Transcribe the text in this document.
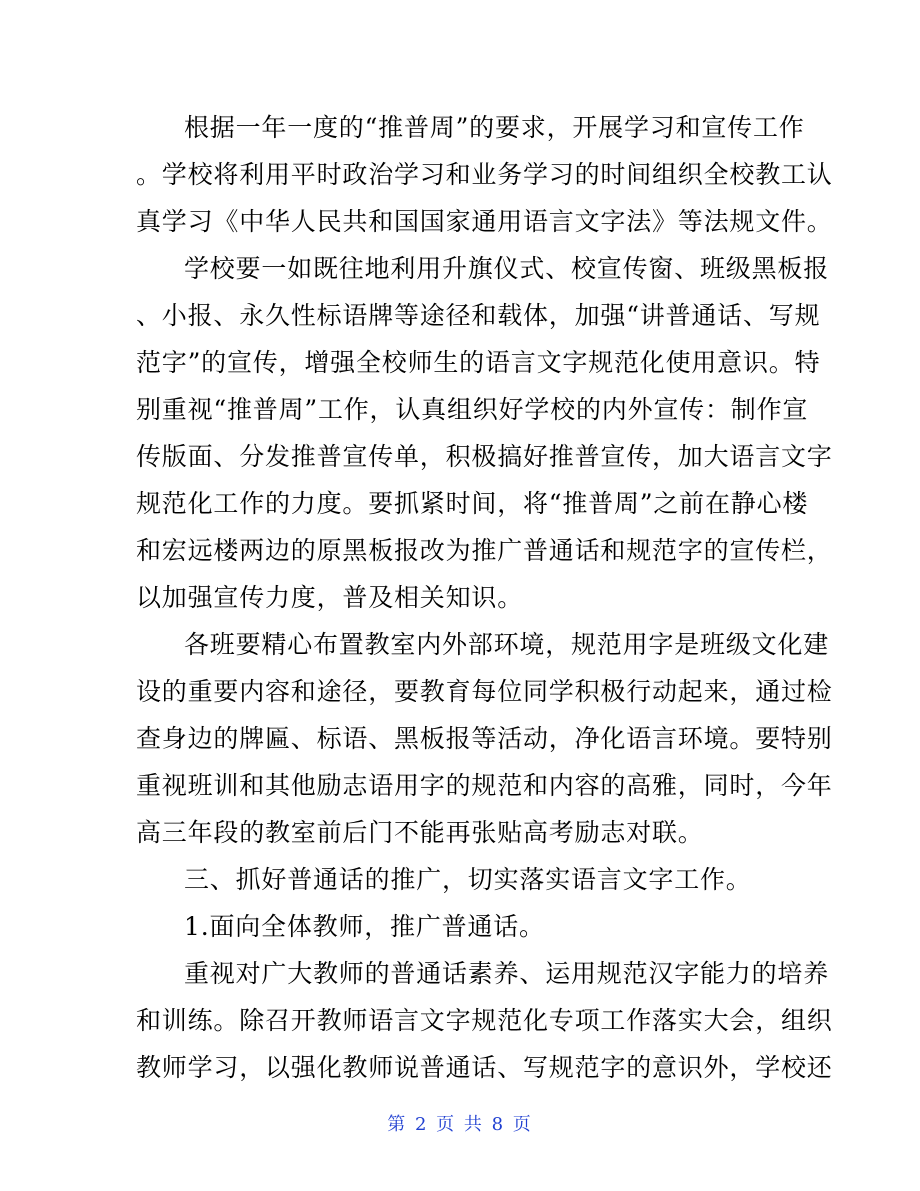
根据一年一度的“推普周”的要求，开展学习和宣传工作
。学校将利用平时政治学习和业务学习的时间组织全校教工认
真学习《中华人民共和国国家通用语言文字法》等法规文件。
学校要一如既往地利用升旗仪式、校宣传窗、班级黑板报
、小报、永久性标语牌等途径和载体，加强“讲普通话、写规
范字”的宣传，增强全校师生的语言文字规范化使用意识。特
别重视“推普周”工作，认真组织好学校的内外宣传：制作宣
传版面、分发推普宣传单，积极搞好推普宣传，加大语言文字
规范化工作的力度。要抓紧时间，将“推普周”之前在静心楼
和宏远楼两边的原黑板报改为推广普通话和规范字的宣传栏，
以加强宣传力度，普及相关知识。
各班要精心布置教室内外部环境，规范用字是班级文化建
设的重要内容和途径，要教育每位同学积极行动起来，通过检
查身边的牌匾、标语、黑板报等活动，净化语言环境。要特别
重视班训和其他励志语用字的规范和内容的高雅，同时，今年
高三年段的教室前后门不能再张贴高考励志对联。
三、抓好普通话的推广，切实落实语言文字工作。
1.面向全体教师，推广普通话。
重视对广大教师的普通话素养、运用规范汉字能力的培养
和训练。除召开教师语言文字规范化专项工作落实大会，组织
教师学习，以强化教师说普通话、写规范字的意识外，学校还
第 2 页 共 8 页
